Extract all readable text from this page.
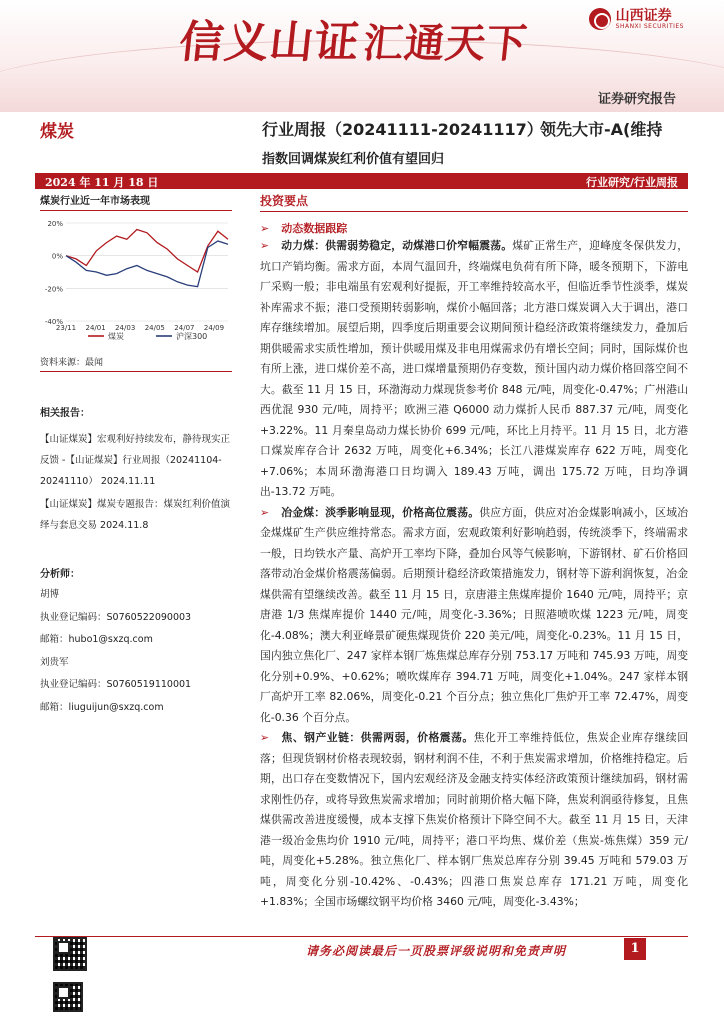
信义山证汇通天下
山西证券
SHANXI SECURITIES
证券研究报告
煤炭	行业周报（20241111-20241117）
领先大市-A(维持
指数回调煤炭红利价值有望回归
2024 年 11 月 18 日	行业研究/行业周报
煤炭行业近一年市场表现
20%
0%
-20%
-40%
23/11 24/01 24/03 24/05 24/07 24/09
煤炭	沪深300
资料来源：最闻
相关报告：

【山证煤炭】宏观利好持续发布，静待现实正反馈 -【山证煤炭】行业周报（20241104-20241110） 2024.11.11

【山证煤炭】煤炭专题报告：煤炭红利价值演绎与套息交易 2024.11.8

分析师：
胡博
执业登记编码：S0760522090003
邮箱：hubo1@sxzq.com
刘贵军
执业登记编码：S0760519110001
邮箱：liuguijun@sxzq.com
投资要点
➢ 动态数据跟踪
➢ 动力煤：供需弱势稳定，动煤港口价窄幅震荡。煤矿正常生产，迎峰度冬保供发力，坑口产销均衡。需求方面，本周气温回升，终端煤电负荷有所下降，暖冬预期下，下游电厂采购一般；非电端虽有宏观利好提振，开工率维持较高水平，但临近季节性淡季，煤炭补库需求不振；港口受预期转弱影响，煤价小幅回落；北方港口煤炭调入大于调出，港口库存继续增加。展望后期，四季度后期重要会议期间预计稳经济政策将继续发力，叠加后期供暖需求实质性增加，预计供暖用煤及非电用煤需求仍有增长空间；同时，国际煤价也有所上涨，进口煤价差不高，进口煤增量预期仍存变数，预计国内动力煤价格回落空间不大。截至 11 月 15 日，环渤海动力煤现货参考价 848 元/吨，周变化-0.47%；广州港山西优混 930 元/吨，周持平；欧洲三港 Q6000 动力煤折人民币 887.37 元/吨，周变化+3.22%。11 月秦皇岛动力煤长协价 699 元/吨，环比上月持平。11 月 15 日，北方港口煤炭库存合计 2632 万吨，周变化+6.34%；长江八港煤炭库存 622 万吨，周变化+7.06%；本周环渤海港口日均调入 189.43 万吨，调出 175.72 万吨，日均净调出-13.72 万吨。
➢ 冶金煤：淡季影响显现，价格高位震荡。供应方面，供应对冶金煤影响减小，区域冶金煤煤矿生产供应维持常态。需求方面，宏观政策利好影响趋弱，传统淡季下，终端需求一般，日均铁水产量、高炉开工率均下降，叠加台风等气候影响，下游钢材、矿石价格回落带动冶金煤价格震荡偏弱。后期预计稳经济政策措施发力，钢材等下游利润恢复，冶金煤供需有望继续改善。截至 11 月 15 日，京唐港主焦煤库提价 1640 元/吨，周持平；京唐港 1/3 焦煤库提价 1440 元/吨，周变化-3.36%；日照港喷吹煤 1223 元/吨，周变化-4.08%；澳大利亚峰景矿硬焦煤现货价 220 美元/吨，周变化-0.23%。11 月 15 日，国内独立焦化厂、247 家样本钢厂炼焦煤总库存分别 753.17 万吨和 745.93 万吨，周变化分别+0.9%、+0.62%；喷吹煤库存 394.71 万吨，周变化+1.04%。247 家样本钢厂高炉开工率 82.06%，周变化-0.21 个百分点；独立焦化厂焦炉开工率 72.47%，周变化-0.36 个百分点。
➢ 焦、钢产业链：供需两弱，价格震荡。焦化开工率维持低位，焦炭企业库存继续回落；但现货钢材价格表现较弱，钢材利润不佳，不利于焦炭需求增加，价格维持稳定。后期，出口存在变数情况下，国内宏观经济及金融支持实体经济政策预计继续加码，钢材需求刚性仍存，或将导致焦炭需求增加；同时前期价格大幅下降，焦炭利润亟待修复，且焦煤供需改善进度缓慢，成本支撑下焦炭价格预计下降空间不大。截至 11 月 15 日，天津港一级冶金焦均价 1910 元/吨，周持平；港口平均焦、煤价差（焦炭-炼焦煤）359 元/吨，周变化+5.28%。独立焦化厂、样本钢厂焦炭总库存分别 39.45 万吨和 579.03 万吨，周变化分别-10.42%、-0.43%；四港口焦炭总库存 171.21 万吨，周变化+1.83%；全国市场螺纹钢平均价格 3460 元/吨，周变化-3.43%；
请务必阅读最后一页股票评级说明和免责声明	1
